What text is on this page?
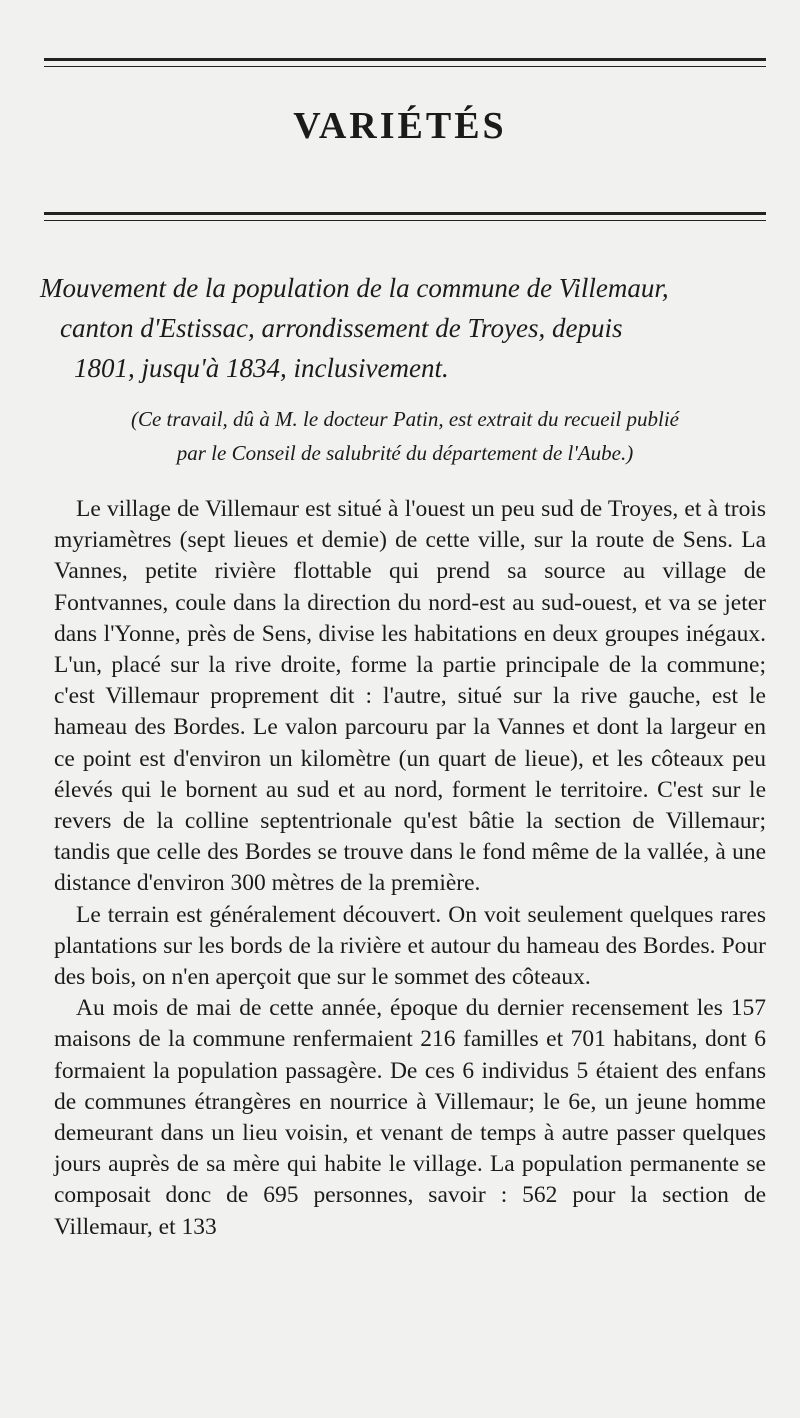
VARIÉTÉS
Mouvement de la population de la commune de Villemaur,
canton d'Estissac, arrondissement de Troyes, depuis
1801, jusqu'à 1834, inclusivement.
(Ce travail, dû à M. le docteur Patin, est extrait du recueil publié
par le Conseil de salubrité du département de l'Aube.)

Le village de Villemaur est situé à l'ouest un peu sud de Troyes, et à trois myriamètres (sept lieues et demie) de cette ville, sur la route de Sens. La Vannes, petite rivière flottable qui prend sa source au village de Fontvannes, coule dans la direction du nord-est au sud-ouest, et va se jeter dans l'Yonne, près de Sens, divise les habitations en deux groupes inégaux. L'un, placé sur la rive droite, forme la partie principale de la commune; c'est Villemaur proprement dit : l'autre, situé sur la rive gauche, est le hameau des Bordes. Le valon parcouru par la Vannes et dont la largeur en ce point est d'environ un kilomètre (un quart de lieue), et les côteaux peu élevés qui le bornent au sud et au nord, forment le territoire. C'est sur le revers de la colline septentrionale qu'est bâtie la section de Villemaur; tandis que celle des Bordes se trouve dans le fond même de la vallée, à une distance d'environ 300 mètres de la première.

Le terrain est généralement découvert. On voit seulement quelques rares plantations sur les bords de la rivière et autour du hameau des Bordes. Pour des bois, on n'en aperçoit que sur le sommet des côteaux.

Au mois de mai de cette année, époque du dernier recensement les 157 maisons de la commune renfermaient 216 familles et 701 habitans, dont 6 formaient la population passagère. De ces 6 individus 5 étaient des enfans de communes étrangères en nourrice à Villemaur; le 6e, un jeune homme demeurant dans un lieu voisin, et venant de temps à autre passer quelques jours auprès de sa mère qui habite le village. La population permanente se composait donc de 695 personnes, savoir : 562 pour la section de Villemaur, et 133
